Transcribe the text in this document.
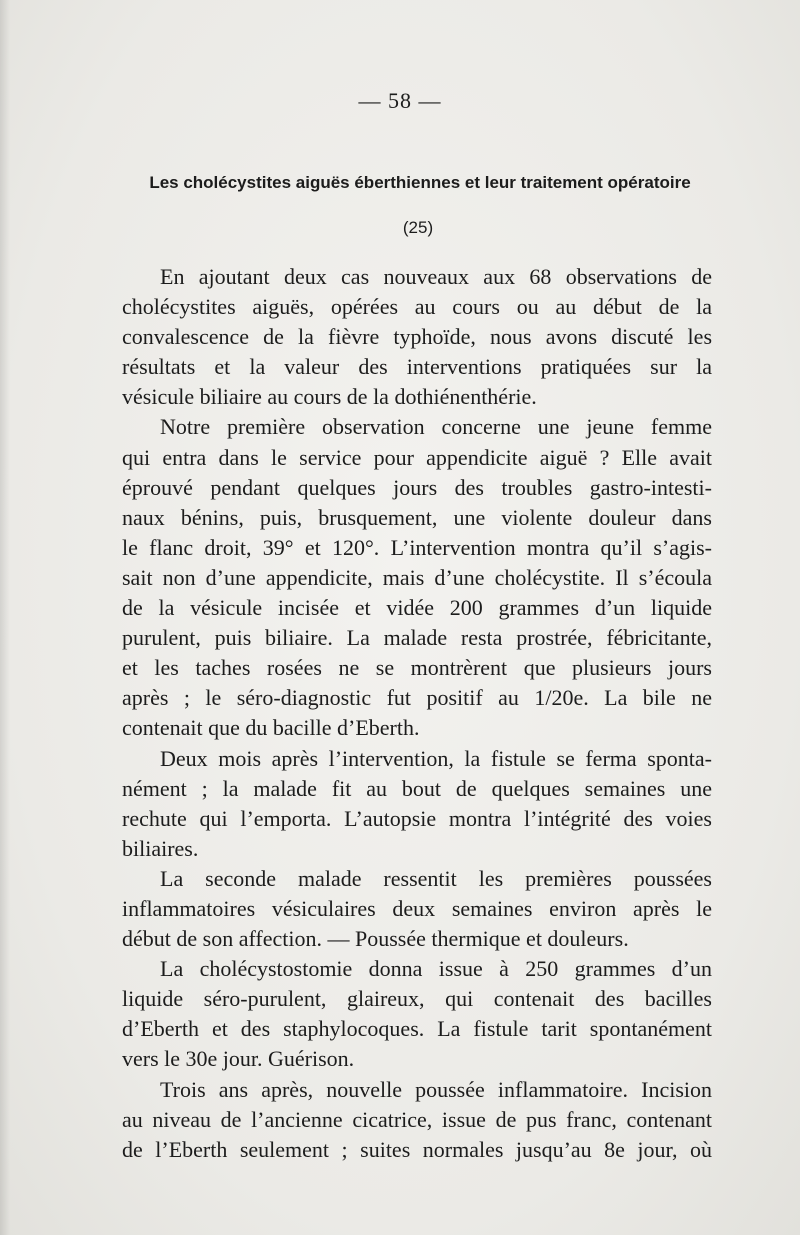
— 58 —
Les cholécystites aiguës éberthiennes et leur traitement opératoire
(25)
En ajoutant deux cas nouveaux aux 68 observations de
cholécystites aiguës, opérées au cours ou au début de la
convalescence de la fièvre typhoïde, nous avons discuté les
résultats et la valeur des interventions pratiquées sur la
vésicule biliaire au cours de la dothiénenthérie.
Notre première observation concerne une jeune femme
qui entra dans le service pour appendicite aiguë ? Elle avait
éprouvé pendant quelques jours des troubles gastro-intesti-
naux bénins, puis, brusquement, une violente douleur dans
le flanc droit, 39° et 120°. L’intervention montra qu’il s’agis-
sait non d’une appendicite, mais d’une cholécystite. Il s’écoula
de la vésicule incisée et vidée 200 grammes d’un liquide
purulent, puis biliaire. La malade resta prostrée, fébricitante,
et les taches rosées ne se montrèrent que plusieurs jours
après ; le séro-diagnostic fut positif au 1/20e. La bile ne
contenait que du bacille d’Eberth.
Deux mois après l’intervention, la fistule se ferma sponta-
nément ; la malade fit au bout de quelques semaines une
rechute qui l’emporta. L’autopsie montra l’intégrité des voies
biliaires.
La seconde malade ressentit les premières poussées
inflammatoires vésiculaires deux semaines environ après le
début de son affection. — Poussée thermique et douleurs.
La cholécystostomie donna issue à 250 grammes d’un
liquide séro-purulent, glaireux, qui contenait des bacilles
d’Eberth et des staphylocoques. La fistule tarit spontanément
vers le 30e jour. Guérison.
Trois ans après, nouvelle poussée inflammatoire. Incision
au niveau de l’ancienne cicatrice, issue de pus franc, contenant
de l’Eberth seulement ; suites normales jusqu’au 8e jour, où
